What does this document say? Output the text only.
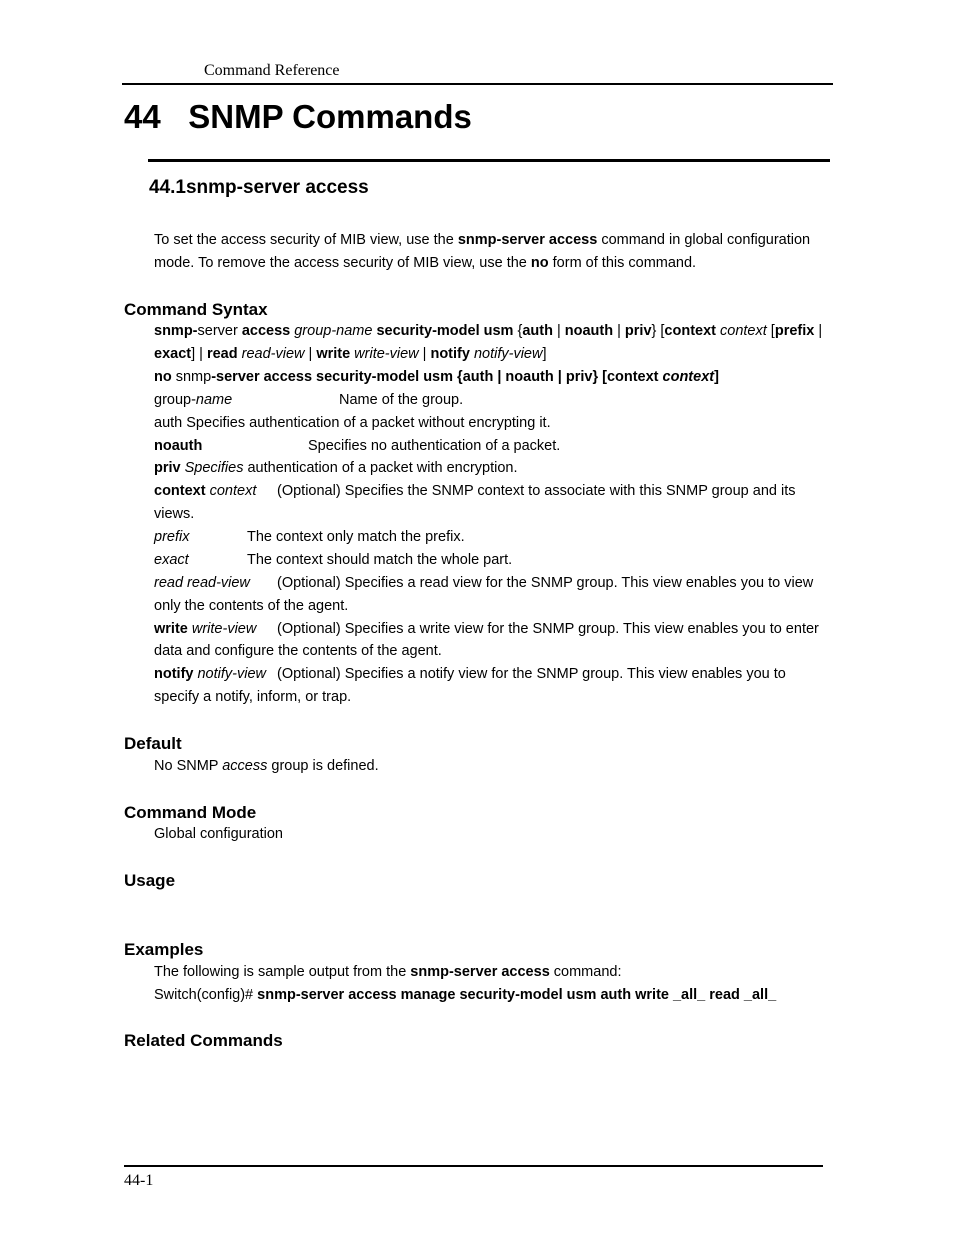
Command Reference
44 SNMP Commands
44.1snmp-server access
To set the access security of MIB view, use the snmp-server access command in global configuration
mode. To remove the access security of MIB view, use the no form of this command.
Command Syntax
snmp-server access group-name security-model usm {auth | noauth | priv} [context context [prefix |
exact] | read read-view | write write-view | notify notify-view]
no snmp-server access security-model usm {auth | noauth | priv} [context context]
group-name	Name of the group.
auth Specifies authentication of a packet without encrypting it.
noauth	Specifies no authentication of a packet.
priv Specifies authentication of a packet with encryption.
context context (Optional) Specifies the SNMP context to associate with this SNMP group and its
views.
prefix	The context only match the prefix.
exact	The context should match the whole part.
read read-view (Optional) Specifies a read view for the SNMP group. This view enables you to view
only the contents of the agent.
write write-view (Optional) Specifies a write view for the SNMP group. This view enables you to enter
data and configure the contents of the agent.
notify notify-view (Optional) Specifies a notify view for the SNMP group. This view enables you to
specify a notify, inform, or trap.
Default
No SNMP access group is defined.
Command Mode
Global configuration
Usage
Examples
The following is sample output from the snmp-server access command:
Switch(config)# snmp-server access manage security-model usm auth write _all_ read _all_
Related Commands
44-1
